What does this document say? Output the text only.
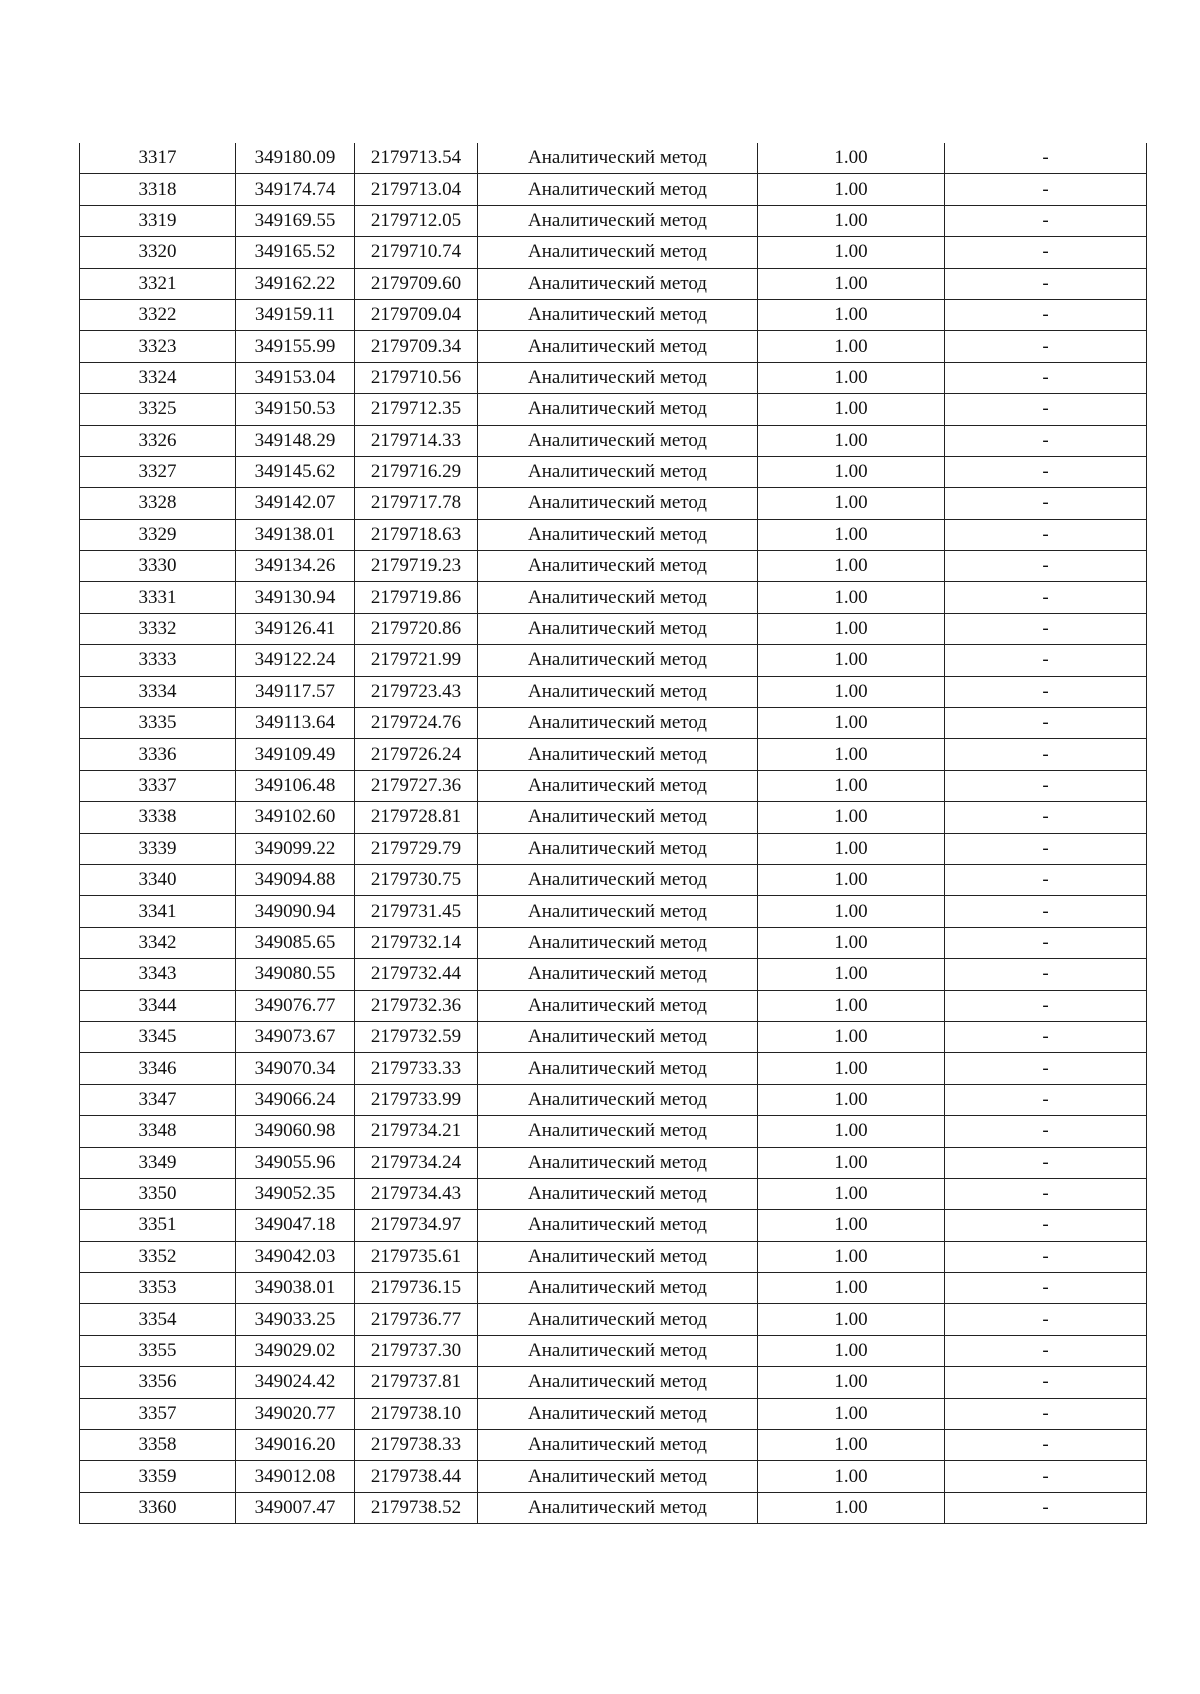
3317	349180.09	2179713.54	Аналитический метод	1.00	-
3318	349174.74	2179713.04	Аналитический метод	1.00	-
3319	349169.55	2179712.05	Аналитический метод	1.00	-
3320	349165.52	2179710.74	Аналитический метод	1.00	-
3321	349162.22	2179709.60	Аналитический метод	1.00	-
3322	349159.11	2179709.04	Аналитический метод	1.00	-
3323	349155.99	2179709.34	Аналитический метод	1.00	-
3324	349153.04	2179710.56	Аналитический метод	1.00	-
3325	349150.53	2179712.35	Аналитический метод	1.00	-
3326	349148.29	2179714.33	Аналитический метод	1.00	-
3327	349145.62	2179716.29	Аналитический метод	1.00	-
3328	349142.07	2179717.78	Аналитический метод	1.00	-
3329	349138.01	2179718.63	Аналитический метод	1.00	-
3330	349134.26	2179719.23	Аналитический метод	1.00	-
3331	349130.94	2179719.86	Аналитический метод	1.00	-
3332	349126.41	2179720.86	Аналитический метод	1.00	-
3333	349122.24	2179721.99	Аналитический метод	1.00	-
3334	349117.57	2179723.43	Аналитический метод	1.00	-
3335	349113.64	2179724.76	Аналитический метод	1.00	-
3336	349109.49	2179726.24	Аналитический метод	1.00	-
3337	349106.48	2179727.36	Аналитический метод	1.00	-
3338	349102.60	2179728.81	Аналитический метод	1.00	-
3339	349099.22	2179729.79	Аналитический метод	1.00	-
3340	349094.88	2179730.75	Аналитический метод	1.00	-
3341	349090.94	2179731.45	Аналитический метод	1.00	-
3342	349085.65	2179732.14	Аналитический метод	1.00	-
3343	349080.55	2179732.44	Аналитический метод	1.00	-
3344	349076.77	2179732.36	Аналитический метод	1.00	-
3345	349073.67	2179732.59	Аналитический метод	1.00	-
3346	349070.34	2179733.33	Аналитический метод	1.00	-
3347	349066.24	2179733.99	Аналитический метод	1.00	-
3348	349060.98	2179734.21	Аналитический метод	1.00	-
3349	349055.96	2179734.24	Аналитический метод	1.00	-
3350	349052.35	2179734.43	Аналитический метод	1.00	-
3351	349047.18	2179734.97	Аналитический метод	1.00	-
3352	349042.03	2179735.61	Аналитический метод	1.00	-
3353	349038.01	2179736.15	Аналитический метод	1.00	-
3354	349033.25	2179736.77	Аналитический метод	1.00	-
3355	349029.02	2179737.30	Аналитический метод	1.00	-
3356	349024.42	2179737.81	Аналитический метод	1.00	-
3357	349020.77	2179738.10	Аналитический метод	1.00	-
3358	349016.20	2179738.33	Аналитический метод	1.00	-
3359	349012.08	2179738.44	Аналитический метод	1.00	-
3360	349007.47	2179738.52	Аналитический метод	1.00	-
